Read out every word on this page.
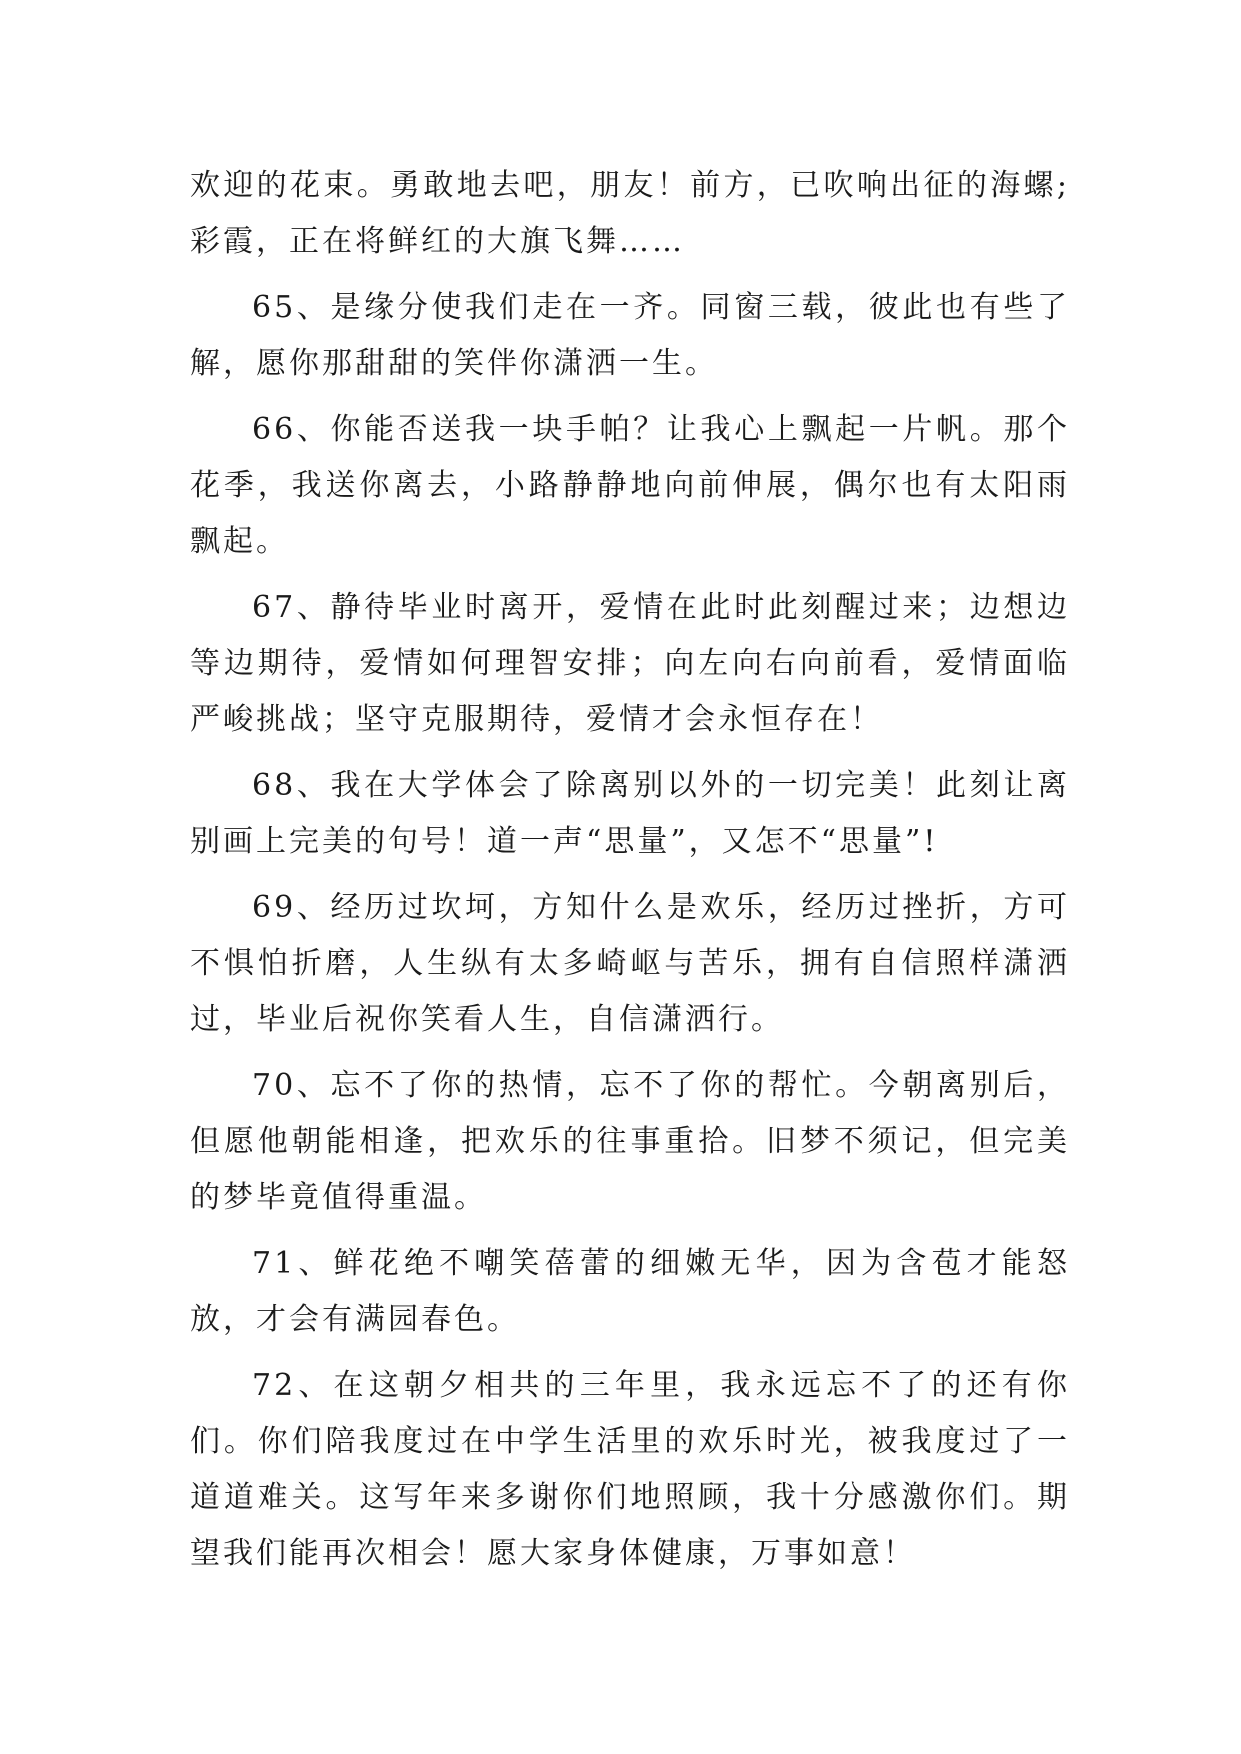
欢迎的花束。勇敢地去吧，朋友！前方，已吹响出征的海螺;彩霞，正在将鲜红的大旗飞舞……

65、是缘分使我们走在一齐。同窗三载，彼此也有些了解，愿你那甜甜的笑伴你潇洒一生。

66、你能否送我一块手帕？让我心上飘起一片帆。那个花季，我送你离去，小路静静地向前伸展，偶尔也有太阳雨飘起。

67、静待毕业时离开，爱情在此时此刻醒过来；边想边等边期待，爱情如何理智安排；向左向右向前看，爱情面临严峻挑战；坚守克服期待，爱情才会永恒存在！

68、我在大学体会了除离别以外的一切完美！此刻让离别画上完美的句号！道一声“思量”，又怎不“思量”!

69、经历过坎坷，方知什么是欢乐，经历过挫折，方可不惧怕折磨，人生纵有太多崎岖与苦乐，拥有自信照样潇洒过，毕业后祝你笑看人生，自信潇洒行。

70、忘不了你的热情，忘不了你的帮忙。今朝离别后，但愿他朝能相逢，把欢乐的往事重拾。旧梦不须记，但完美的梦毕竟值得重温。

71、鲜花绝不嘲笑蓓蕾的细嫩无华，因为含苞才能怒放，才会有满园春色。

72、在这朝夕相共的三年里，我永远忘不了的还有你们。你们陪我度过在中学生活里的欢乐时光，被我度过了一道道难关。这写年来多谢你们地照顾，我十分感激你们。期望我们能再次相会！愿大家身体健康，万事如意！
